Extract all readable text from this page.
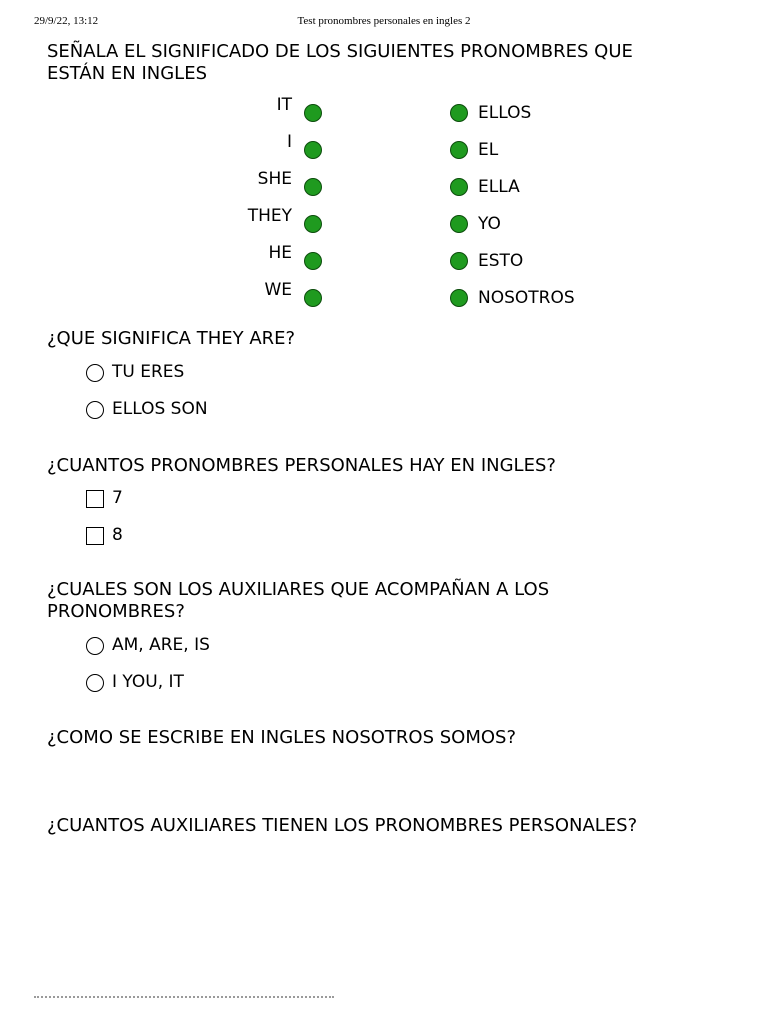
29/9/22, 13:12	Test pronombres personales en ingles 2
SEÑALA EL SIGNIFICADO DE LOS SIGUIENTES PRONOMBRES QUE ESTÁN EN INGLES
IT
I
SHE
THEY
HE
WE
ELLOS
EL
ELLA
YO
ESTO
NOSOTROS
¿QUE SIGNIFICA THEY ARE?
TU ERES
ELLOS SON
¿CUANTOS PRONOMBRES PERSONALES HAY EN INGLES?
7
8
¿CUALES SON LOS AUXILIARES QUE ACOMPAÑAN A LOS PRONOMBRES?
AM, ARE, IS
I YOU, IT
¿COMO SE ESCRIBE EN INGLES NOSOTROS SOMOS?
¿CUANTOS AUXILIARES TIENEN LOS PRONOMBRES PERSONALES?
